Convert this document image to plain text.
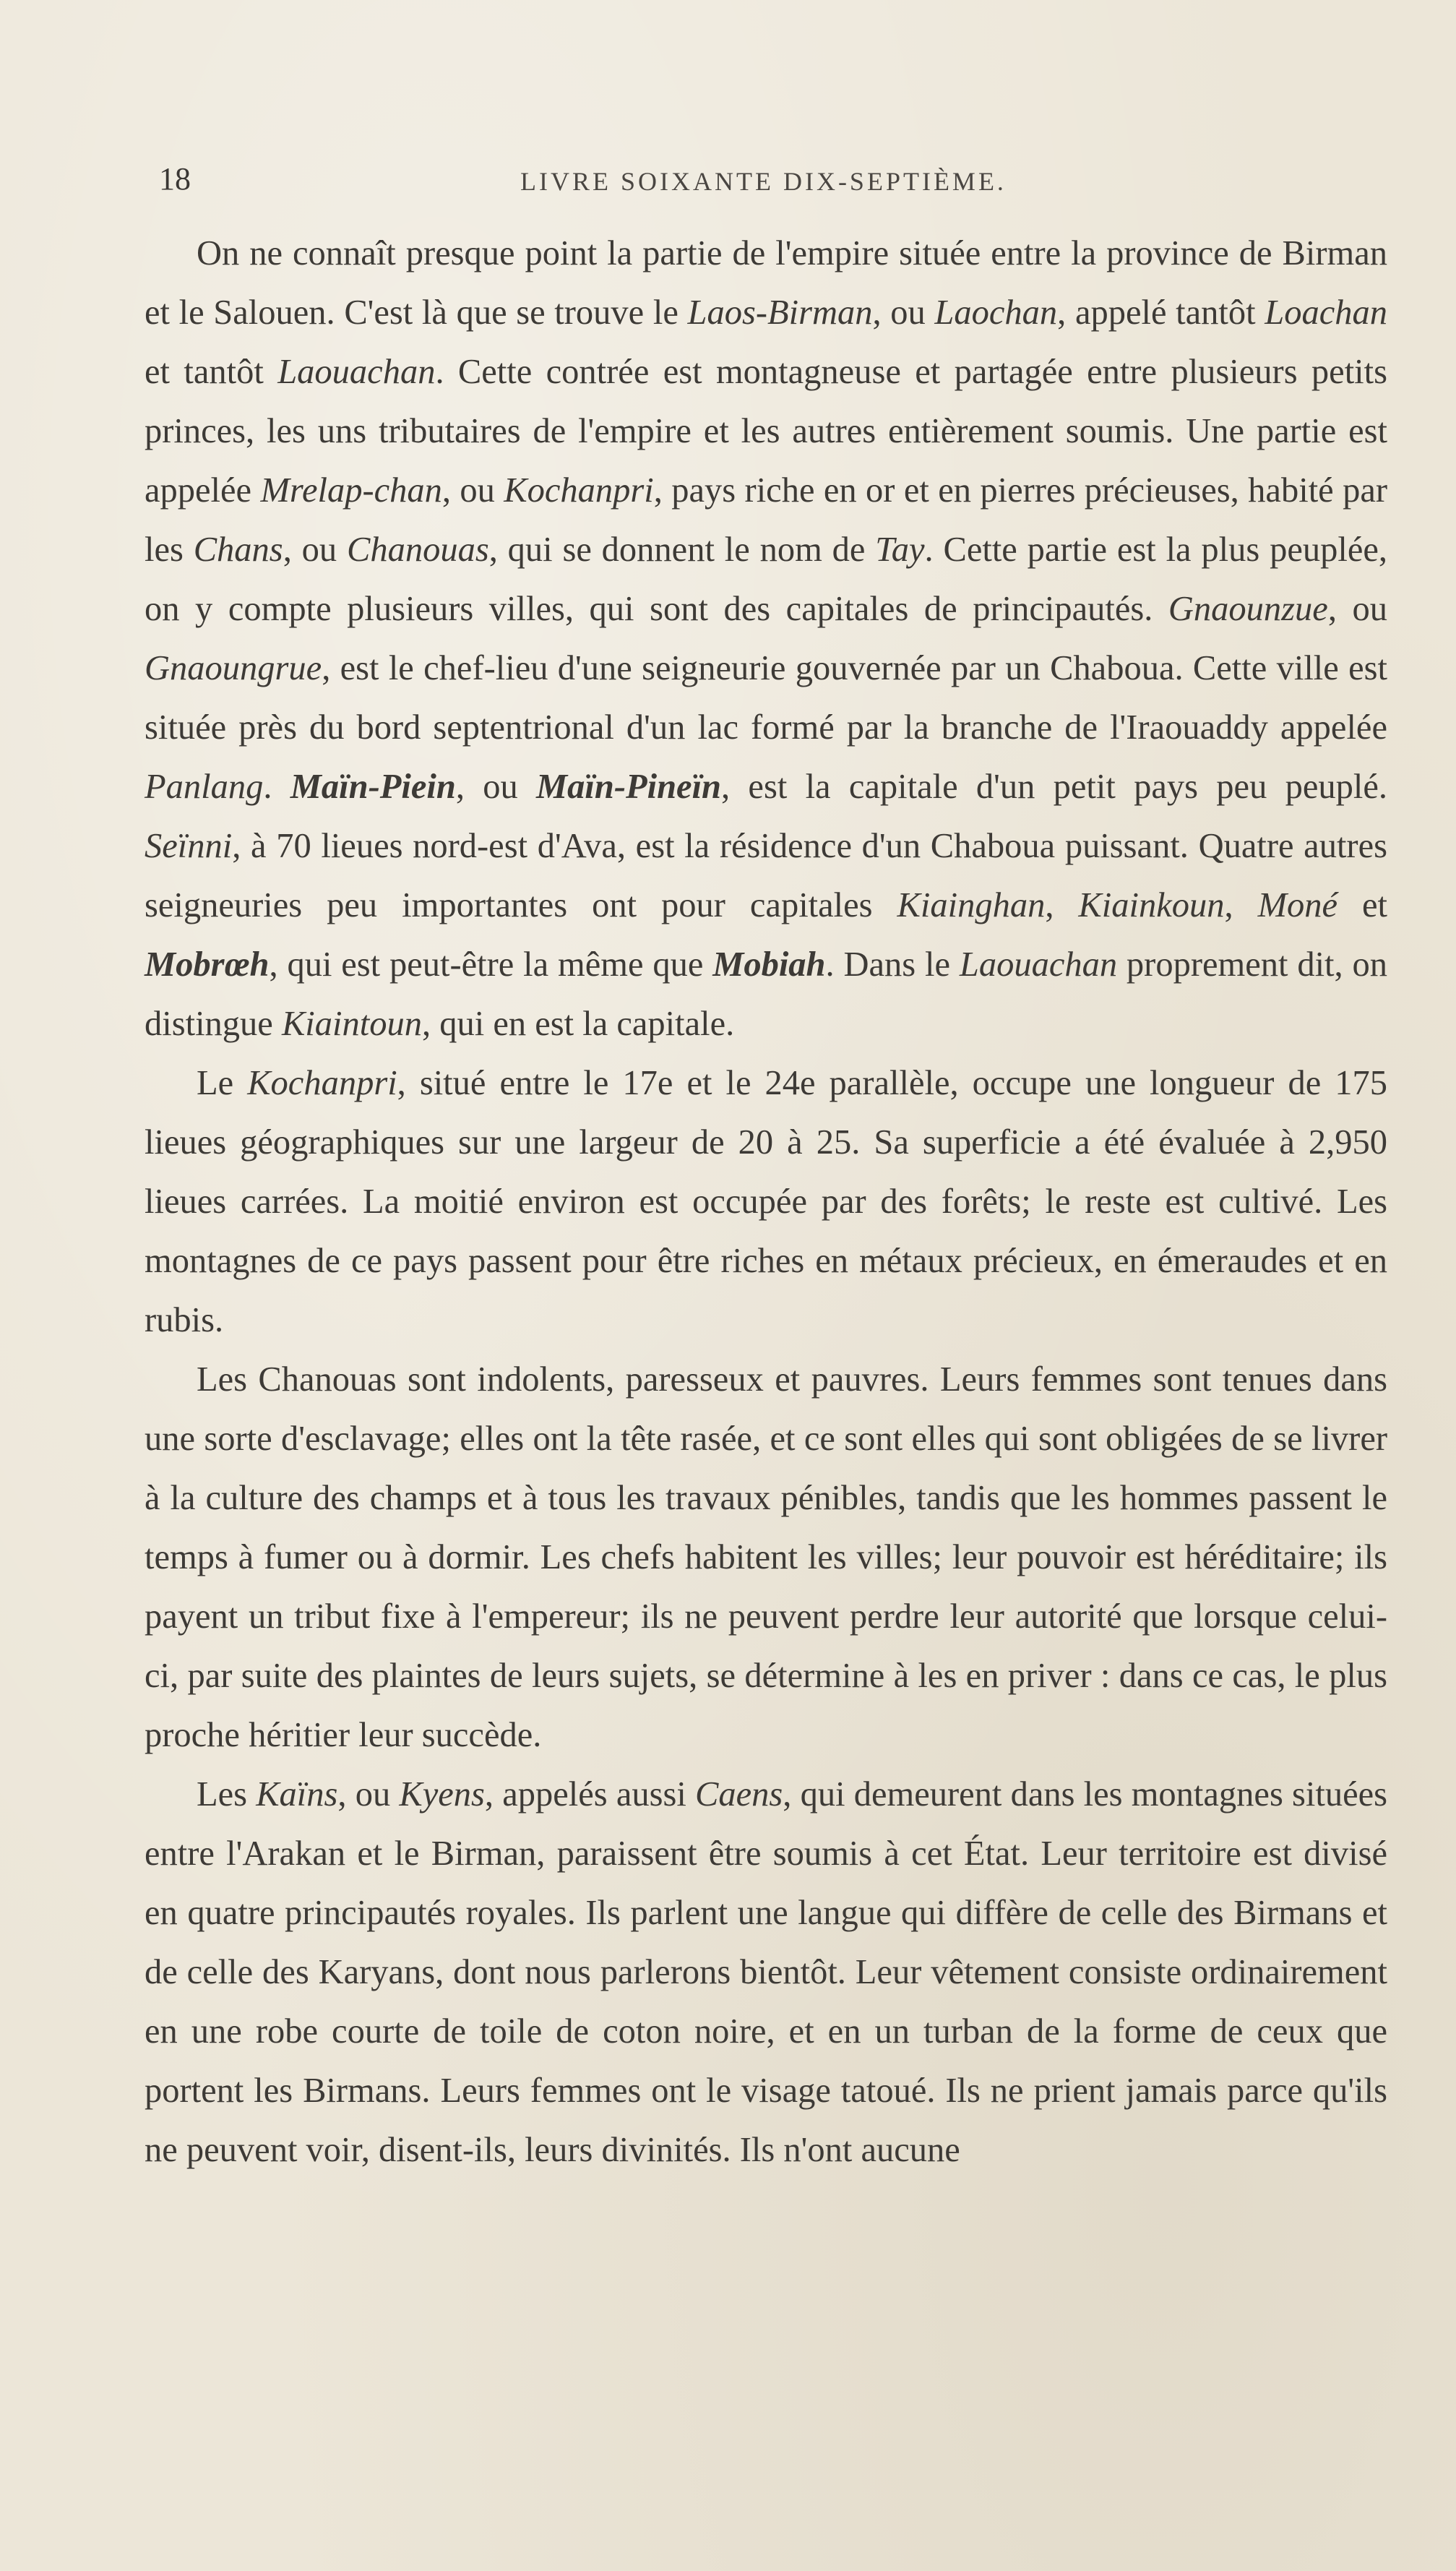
18	LIVRE SOIXANTE DIX-SEPTIÈME.

On ne connaît presque point la partie de l'empire située entre la province de Birman et le Salouen. C'est là que se trouve le Laos-Birman, ou Laochan, appelé tantôt Loachan et tantôt Laouachan. Cette contrée est montagneuse et partagée entre plusieurs petits princes, les uns tributaires de l'empire et les autres entièrement soumis. Une partie est appelée Mrelap-chan, ou Kochanpri, pays riche en or et en pierres précieuses, habité par les Chans, ou Chanouas, qui se donnent le nom de Tay. Cette partie est la plus peuplée, on y compte plusieurs villes, qui sont des capitales de principautés. Gnaounzue, ou Gnaoungrue, est le chef-lieu d'une seigneurie gouvernée par un Chaboua. Cette ville est située près du bord septentrional d'un lac formé par la branche de l'Iraouaddy appelée Panlang. Maïn-Piein, ou Maïn-Pineïn, est la capitale d'un petit pays peu peuplé. Seïnni, à 70 lieues nord-est d'Ava, est la résidence d'un Chaboua puissant. Quatre autres seigneuries peu importantes ont pour capitales Kiainghan, Kiainkoun, Moné et Mobrœh, qui est peut-être la même que Mobiah. Dans le Laouachan proprement dit, on distingue Kiaintoun, qui en est la capitale.

Le Kochanpri, situé entre le 17e et le 24e parallèle, occupe une longueur de 175 lieues géographiques sur une largeur de 20 à 25. Sa superficie a été évaluée à 2,950 lieues carrées. La moitié environ est occupée par des forêts; le reste est cultivé. Les montagnes de ce pays passent pour être riches en métaux précieux, en émeraudes et en rubis.

Les Chanouas sont indolents, paresseux et pauvres. Leurs femmes sont tenues dans une sorte d'esclavage; elles ont la tête rasée, et ce sont elles qui sont obligées de se livrer à la culture des champs et à tous les travaux pénibles, tandis que les hommes passent le temps à fumer ou à dormir. Les chefs habitent les villes; leur pouvoir est héréditaire; ils payent un tribut fixe à l'empereur; ils ne peuvent perdre leur autorité que lorsque celui-ci, par suite des plaintes de leurs sujets, se détermine à les en priver : dans ce cas, le plus proche héritier leur succède.

Les Kaïns, ou Kyens, appelés aussi Caens, qui demeurent dans les montagnes situées entre l'Arakan et le Birman, paraissent être soumis à cet État. Leur territoire est divisé en quatre principautés royales. Ils parlent une langue qui diffère de celle des Birmans et de celle des Karyans, dont nous parlerons bientôt. Leur vêtement consiste ordinairement en une robe courte de toile de coton noire, et en un turban de la forme de ceux que portent les Birmans. Leurs femmes ont le visage tatoué. Ils ne prient jamais parce qu'ils ne peuvent voir, disent-ils, leurs divinités. Ils n'ont aucune
